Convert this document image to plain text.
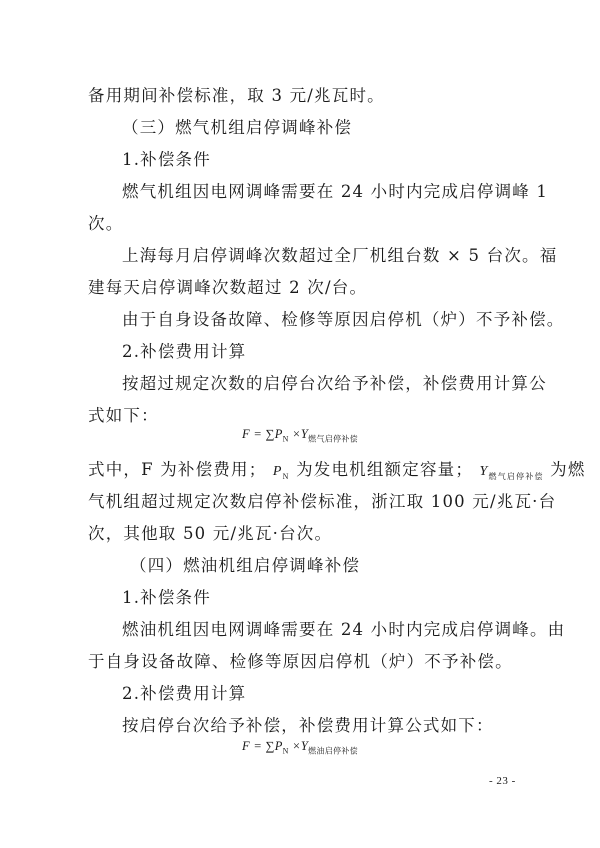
备用期间补偿标准，取 3 元/兆瓦时。
（三）燃气机组启停调峰补偿
1.补偿条件
燃气机组因电网调峰需要在 24 小时内完成启停调峰 1
次。
上海每月启停调峰次数超过全厂机组台数 × 5 台次。福
建每天启停调峰次数超过 2 次/台。
由于自身设备故障、检修等原因启停机（炉）不予补偿。
2.补偿费用计算
按超过规定次数的启停台次给予补偿，补偿费用计算公
式如下：
$F = \sum P_N \times Y_{燃气启停补偿}$
式中，F 为补偿费用； $P_N$ 为发电机组额定容量； $Y_{燃气启停补偿}$ 为燃
气机组超过规定次数启停补偿标准，浙江取 100 元/兆瓦·台
次，其他取 50 元/兆瓦·台次。
（四）燃油机组启停调峰补偿
1.补偿条件
燃油机组因电网调峰需要在 24 小时内完成启停调峰。由
于自身设备故障、检修等原因启停机（炉）不予补偿。
2.补偿费用计算
按启停台次给予补偿，补偿费用计算公式如下：
$F = \sum P_N \times Y_{燃油启停补偿}$
- 23 -
